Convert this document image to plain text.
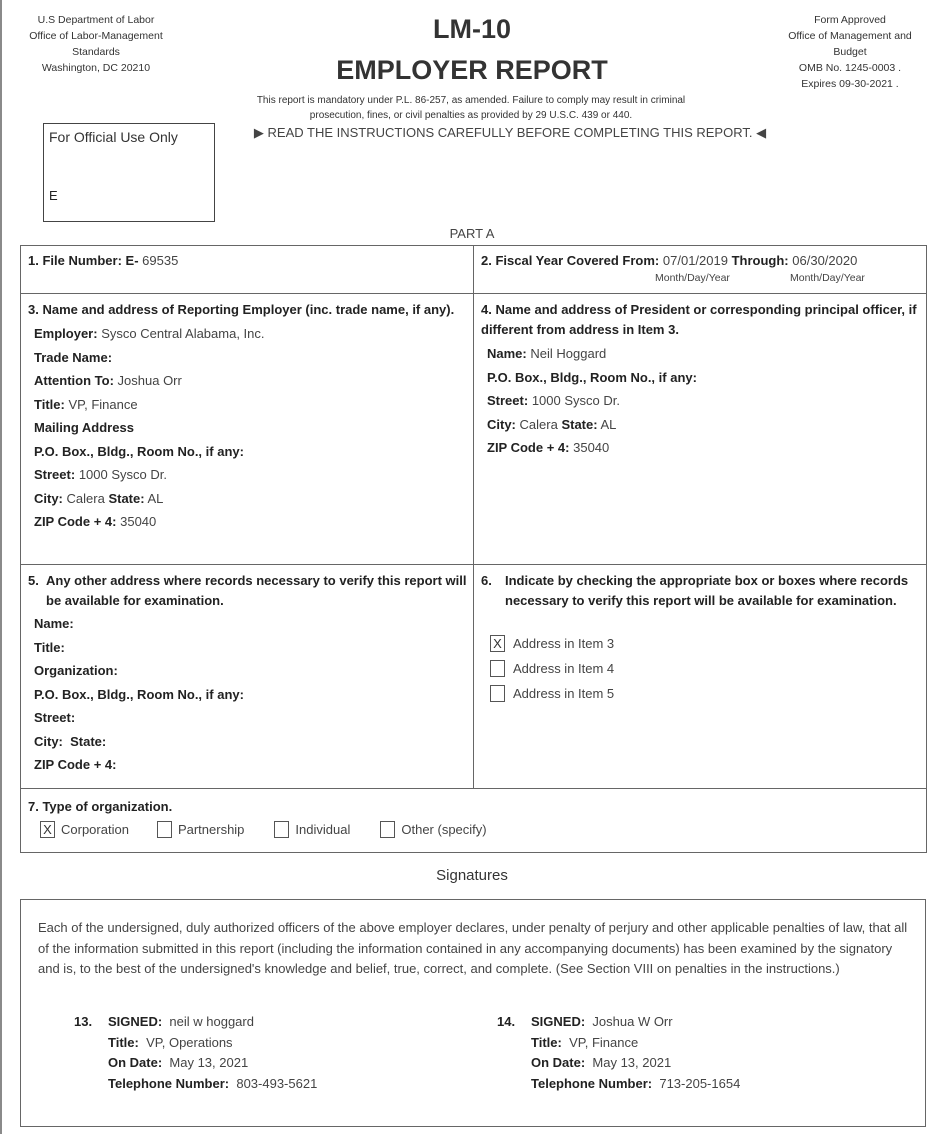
U.S Department of Labor
Office of Labor-Management
Standards
Washington, DC 20210
LM-10
EMPLOYER REPORT
Form Approved
Office of Management and
Budget
OMB No. 1245-0003 .
Expires 09-30-2021 .
This report is mandatory under P.L. 86-257, as amended. Failure to comply may result in criminal
prosecution, fines, or civil penalties as provided by 29 U.S.C. 439 or 440.
▶ READ THE INSTRUCTIONS CAREFULLY BEFORE COMPLETING THIS REPORT. ◀
For Official Use Only
E
PART A
1. File Number: E- 69535	2. Fiscal Year Covered From: 07/01/2019 Through: 06/30/2020
Month/Day/Year	Month/Day/Year
3. Name and address of Reporting Employer (inc. trade name, if any).
Employer: Sysco Central Alabama, Inc.
Trade Name:
Attention To: Joshua Orr
Title: VP, Finance
Mailing Address
P.O. Box., Bldg., Room No., if any:
Street: 1000 Sysco Dr.
City: Calera State: AL
ZIP Code + 4: 35040
4. Name and address of President or corresponding principal officer, if different from address in Item 3.
Name: Neil Hoggard
P.O. Box., Bldg., Room No., if any:
Street: 1000 Sysco Dr.
City: Calera State: AL
ZIP Code + 4: 35040
5. Any other address where records necessary to verify this report will be available for examination.
Name:
Title:
Organization:
P.O. Box., Bldg., Room No., if any:
Street:
City: State:
ZIP Code + 4:
6.	Indicate by checking the appropriate box or boxes where records necessary to verify this report will be available for examination.
X Address in Item 3
Address in Item 4
Address in Item 5
7. Type of organization.
X Corporation	Partnership	Individual	Other (specify)
Signatures
Each of the undersigned, duly authorized officers of the above employer declares, under penalty of perjury and other applicable penalties of law, that all of the information submitted in this report (including the information contained in any accompanying documents) has been examined by the signatory and is, to the best of the undersigned's knowledge and belief, true, correct, and complete. (See Section VIII on penalties in the instructions.)
13. SIGNED: neil w hoggard
Title: VP, Operations
On Date: May 13, 2021
Telephone Number: 803-493-5621
14. SIGNED: Joshua W Orr
Title: VP, Finance
On Date: May 13, 2021
Telephone Number: 713-205-1654
